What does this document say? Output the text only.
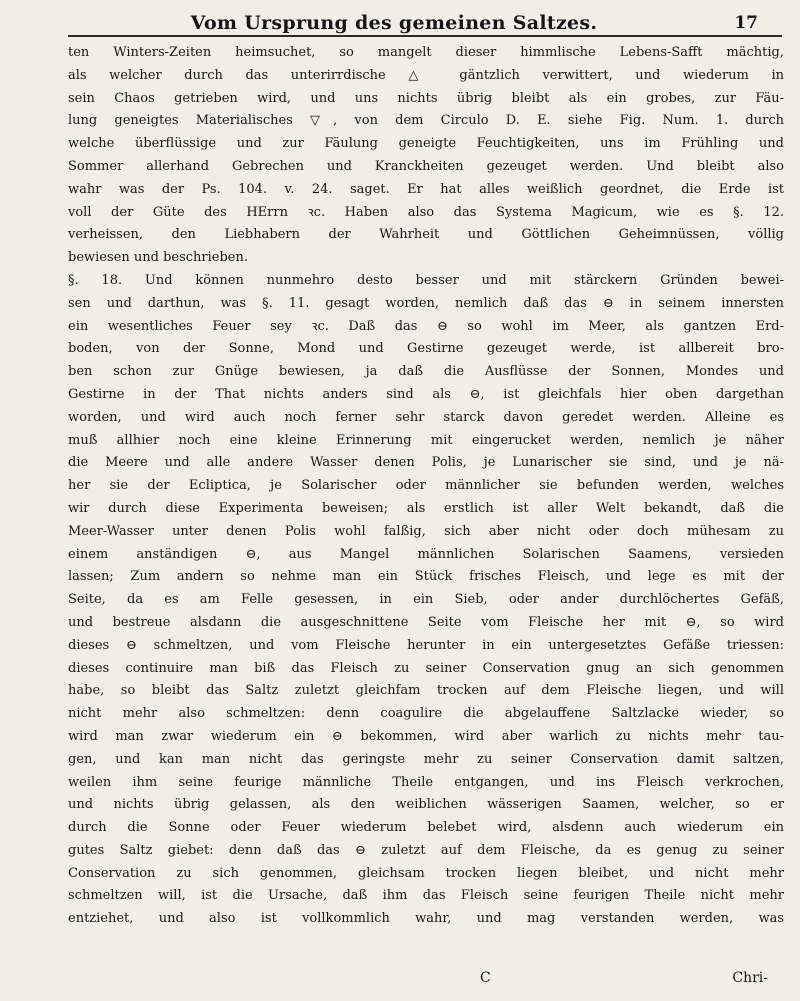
Vom Ursprung des gemeinen Saltzes.	17
ten Winters-Zeiten heimsuchet, so mangelt dieser himmlische Lebens-Safft mächtig,
als welcher durch das unterirrdische △ gäntzlich verwittert, und wiederum in
sein Chaos getrieben wird, und uns nichts übrig bleibt als ein grobes, zur Fäu-
lung geneigtes Materialisches ▽, von dem Circulo D. E. siehe Fig. Num. 1. durch
welche überflüssige und zur Fäulung geneigte Feuchtigkeiten, uns im Frühling und
Sommer allerhand Gebrechen und Kranckheiten gezeuget werden. Und bleibt also
wahr was der Ps. 104. v. 24. saget. Er hat alles weißlich geordnet, die Erde ist
voll der Güte des HErrn ꝛc. Haben also das Systema Magicum, wie es §. 12.
verheissen, den Liebhabern der Wahrheit und Göttlichen Geheimnüssen, völlig
bewiesen und beschrieben.
§. 18. Und können nunmehro desto besser und mit stärckern Gründen bewei-
sen und darthun, was §. 11. gesagt worden, nemlich daß das ⊖ in seinem innersten
ein wesentliches Feuer sey ꝛc. Daß das ⊖ so wohl im Meer, als gantzen Erd-
boden, von der Sonne, Mond und Gestirne gezeuget werde, ist allbereit bro-
ben schon zur Gnüge bewiesen, ja daß die Ausflüsse der Sonnen, Mondes und
Gestirne in der That nichts anders sind als ⊖, ist gleichfals hier oben dargethan
worden, und wird auch noch ferner sehr starck davon geredet werden. Alleine es
muß allhier noch eine kleine Erinnerung mit eingerucket werden, nemlich je näher
die Meere und alle andere Wasser denen Polis, je Lunarischer sie sind, und je nä-
her sie der Ecliptica, je Solarischer oder männlicher sie befunden werden, welches
wir durch diese Experimenta beweisen; als erstlich ist aller Welt bekandt, daß die
Meer-Wasser unter denen Polis wohl falßig, sich aber nicht oder doch mühesam zu
einem anständigen ⊖, aus Mangel männlichen Solarischen Saamens, versieden
lassen; Zum andern so nehme man ein Stück frisches Fleisch, und lege es mit der
Seite, da es am Felle gesessen, in ein Sieb, oder ander durchlöchertes Gefäß,
und bestreue alsdann die ausgeschnittene Seite vom Fleische her mit ⊖, so wird
dieses ⊖ schmeltzen, und vom Fleische herunter in ein untergesetztes Gefäße triessen:
dieses continuire man biß das Fleisch zu seiner Conservation gnug an sich genommen
habe, so bleibt das Saltz zuletzt gleichfam trocken auf dem Fleische liegen, und will
nicht mehr also schmeltzen: denn coagulire die abgelauffene Saltzlacke wieder, so
wird man zwar wiederum ein ⊖ bekommen, wird aber warlich zu nichts mehr tau-
gen, und kan man nicht das geringste mehr zu seiner Conservation damit saltzen,
weilen ihm seine feurige männliche Theile entgangen, und ins Fleisch verkrochen,
und nichts übrig gelassen, als den weiblichen wässerigen Saamen, welcher, so er
durch die Sonne oder Feuer wiederum belebet wird, alsdenn auch wiederum ein
gutes Saltz giebet: denn daß das ⊖ zuletzt auf dem Fleische, da es genug zu seiner
Conservation zu sich genommen, gleichsam trocken liegen bleibet, und nicht mehr
schmeltzen will, ist die Ursache, daß ihm das Fleisch seine feurigen Theile nicht mehr
entziehet, und also ist vollkommlich wahr, und mag verstanden werden, was
C	Chri-
